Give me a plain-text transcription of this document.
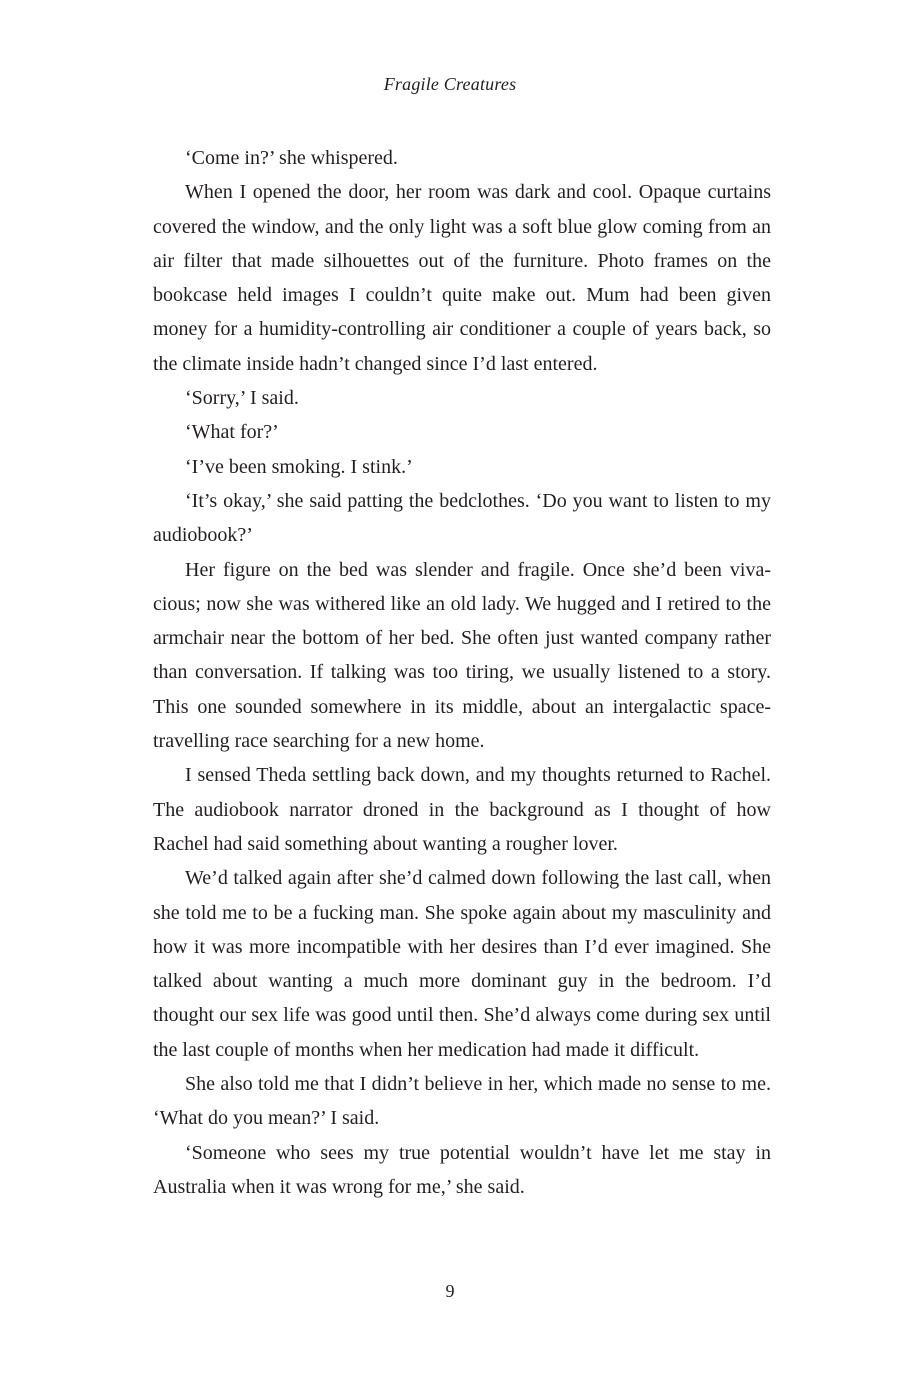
Fragile Creatures

‘Come in?’ she whispered.

When I opened the door, her room was dark and cool. Opaque curtains covered the window, and the only light was a soft blue glow coming from an air filter that made silhouettes out of the furniture. Photo frames on the bookcase held images I couldn’t quite make out. Mum had been given money for a humidity-controlling air conditioner a couple of years back, so the climate inside hadn’t changed since I’d last entered.

‘Sorry,’ I said.

‘What for?’

‘I’ve been smoking. I stink.’

‘It’s okay,’ she said patting the bedclothes. ‘Do you want to listen to my audiobook?’

Her figure on the bed was slender and fragile. Once she’d been vivacious; now she was withered like an old lady. We hugged and I retired to the armchair near the bottom of her bed. She often just wanted company rather than conversation. If talking was too tiring, we usually listened to a story. This one sounded somewhere in its middle, about an intergalactic space-travelling race searching for a new home.

I sensed Theda settling back down, and my thoughts returned to Rachel. The audiobook narrator droned in the background as I thought of how Rachel had said something about wanting a rougher lover.

We’d talked again after she’d calmed down following the last call, when she told me to be a fucking man. She spoke again about my masculinity and how it was more incompatible with her desires than I’d ever imagined. She talked about wanting a much more dominant guy in the bedroom. I’d thought our sex life was good until then. She’d always come during sex until the last couple of months when her medication had made it difficult.

She also told me that I didn’t believe in her, which made no sense to me. ‘What do you mean?’ I said.

‘Someone who sees my true potential wouldn’t have let me stay in Australia when it was wrong for me,’ she said.

9
